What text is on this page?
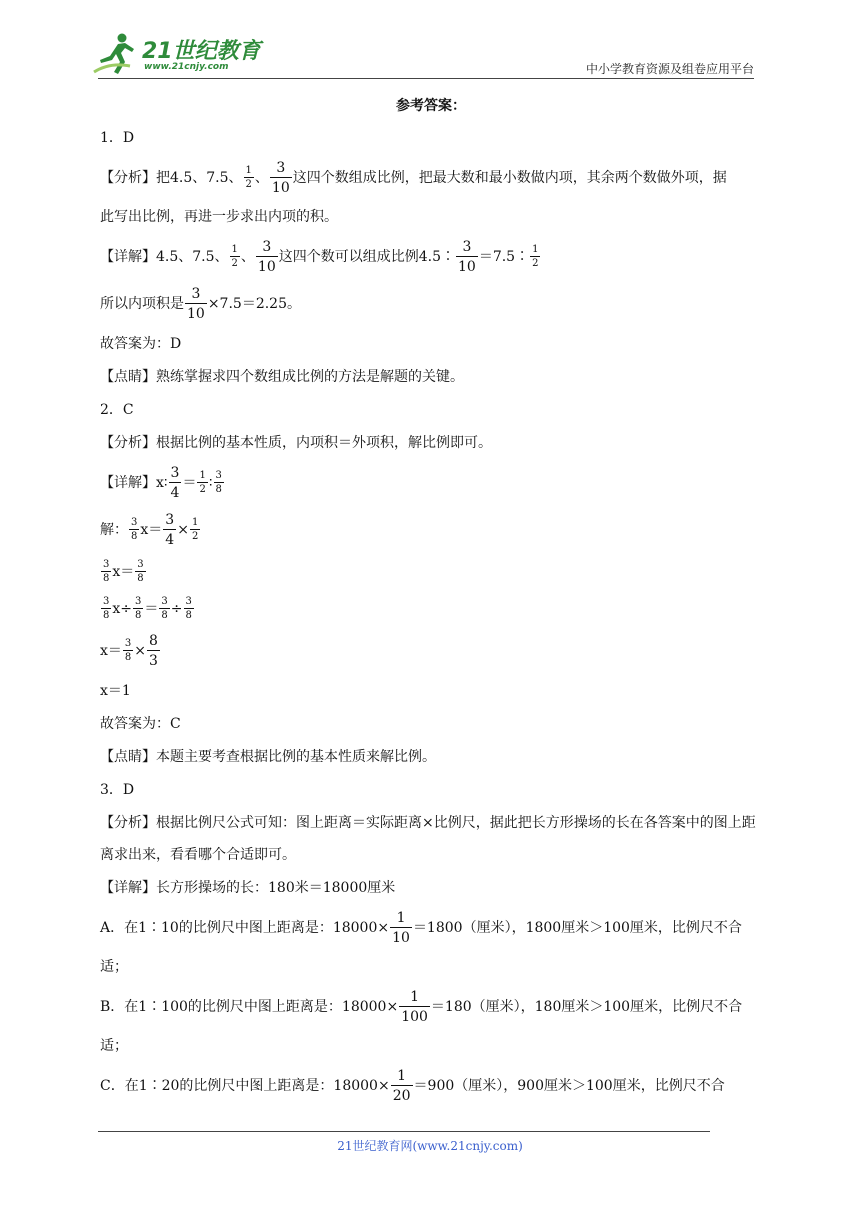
21世纪教育
www.21cnjy.com	中小学教育资源及组卷应用平台
参考答案：
1．D
【分析】把4.5、7.5、 $\frac{1}{2}$ 、 $\frac{3}{10}$ 这四个数组成比例，把最大数和最小数做内项，其余两个数做外项，据
此写出比例，再进一步求出内项的积。
【详解】4.5、7.5、 $\frac{1}{2}$ 、 $\frac{3}{10}$ 这四个数可以组成比例4.5∶ $\frac{3}{10}$ ＝7.5∶ $\frac{1}{2}$
所以内项积是 $\frac{3}{10} \times 7.5=2.25$。
故答案为：D
【点睛】熟练掌握求四个数组成比例的方法是解题的关键。
2．C
【分析】根据比例的基本性质，内项积＝外项积，解比例即可。
【详解】x∶ $\frac{3}{4} = \frac{1}{2}$ ∶ $\frac{3}{8}$
解： $\frac{3}{8} x= \frac{3}{4} \times \frac{1}{2}$
$\frac{3}{8} x= \frac{3}{8}$
$\frac{3}{8} x\div \frac{3}{8} = \frac{3}{8} \div \frac{3}{8}$
$x= \frac{3}{8} \times \frac{8}{3}$
x＝1
故答案为：C
【点睛】本题主要考查根据比例的基本性质来解比例。
3．D
【分析】根据比例尺公式可知：图上距离＝实际距离×比例尺，据此把长方形操场的长在各答案中的图上距离求出来，看看哪个合适即可。
【详解】长方形操场的长：180米＝18000厘米
A．在1∶10的比例尺中图上距离是：$18000\times \frac{1}{10} =1800$（厘米），1800厘米＞100厘米，比例尺不合
适；
B．在1∶100的比例尺中图上距离是：$18000\times \frac{1}{100} =180$（厘米），180厘米＞100厘米，比例尺不合
适；
C．在1∶20的比例尺中图上距离是：$18000\times \frac{1}{20} =900$（厘米），900厘米＞100厘米，比例尺不合
21世纪教育网(www.21cnjy.com)
